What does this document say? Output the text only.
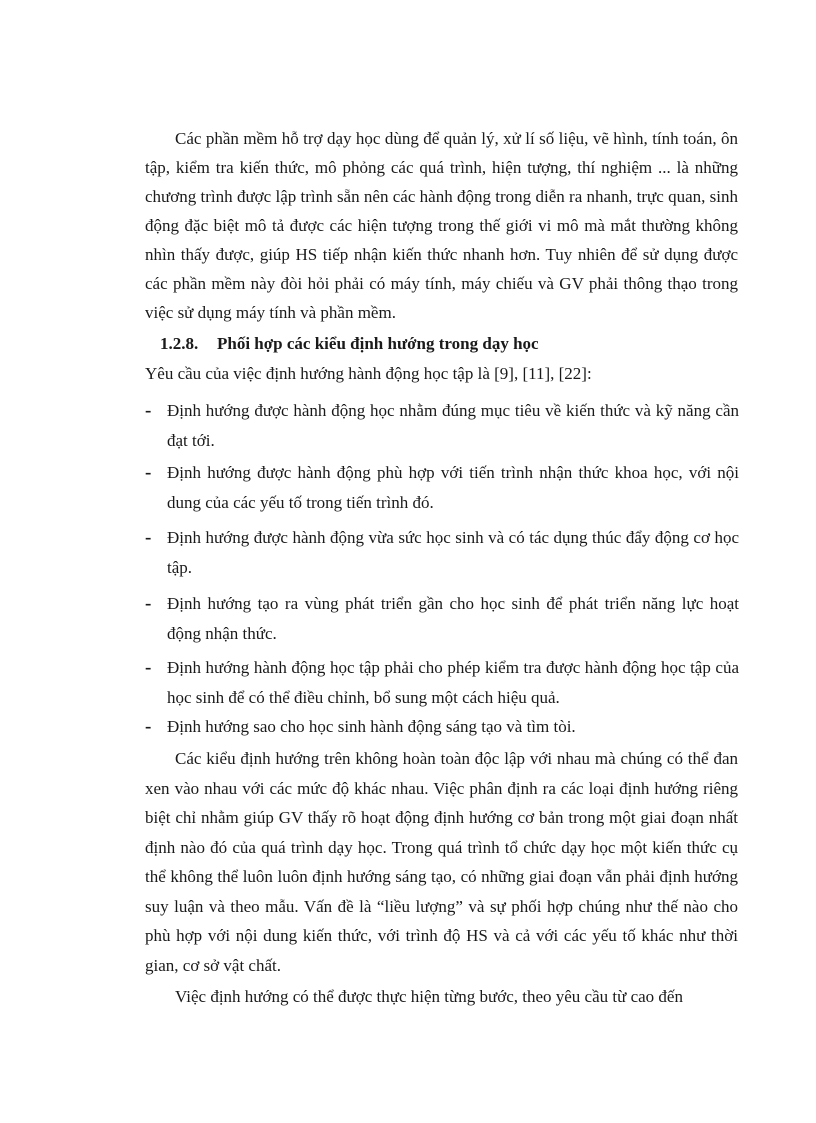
Các phần mềm hỗ trợ dạy học dùng để quản lý, xử lí số liệu, vẽ hình, tính toán, ôn tập, kiểm tra kiến thức, mô phỏng các quá trình, hiện tượng, thí nghiệm ... là những chương trình được lập trình sẵn nên các hành động trong diễn ra nhanh, trực quan, sinh động đặc biệt mô tả được các hiện tượng trong thế giới vi mô mà mắt thường không nhìn thấy được, giúp HS tiếp nhận kiến thức nhanh hơn. Tuy nhiên để sử dụng được các phần mềm này đòi hỏi phải có máy tính, máy chiếu và GV phải thông thạo trong việc sử dụng máy tính và phần mềm.

1.2.8. Phối hợp các kiểu định hướng trong dạy học

Yêu cầu của việc định hướng hành động học tập là [9], [11], [22]:

- Định hướng được hành động học nhằm đúng mục tiêu về kiến thức và kỹ năng cần đạt tới.
- Định hướng được hành động phù hợp với tiến trình nhận thức khoa học, với nội dung của các yếu tố trong tiến trình đó.
- Định hướng được hành động vừa sức học sinh và có tác dụng thúc đẩy động cơ học tập.
- Định hướng tạo ra vùng phát triển gần cho học sinh để phát triển năng lực hoạt động nhận thức.
- Định hướng hành động học tập phải cho phép kiểm tra được hành động học tập của học sinh để có thể điều chỉnh, bổ sung một cách hiệu quả.
- Định hướng sao cho học sinh hành động sáng tạo và tìm tòi.

Các kiểu định hướng trên không hoàn toàn độc lập với nhau mà chúng có thể đan xen vào nhau với các mức độ khác nhau. Việc phân định ra các loại định hướng riêng biệt chỉ nhằm giúp GV thấy rõ hoạt động định hướng cơ bản trong một giai đoạn nhất định nào đó của quá trình dạy học. Trong quá trình tổ chức dạy học một kiến thức cụ thể không thể luôn luôn định hướng sáng tạo, có những giai đoạn vẫn phải định hướng suy luận và theo mẫu. Vấn đề là “liều lượng” và sự phối hợp chúng như thế nào cho phù hợp với nội dung kiến thức, với trình độ HS và cả với các yếu tố khác như thời gian, cơ sở vật chất.

Việc định hướng có thể được thực hiện từng bước, theo yêu cầu từ cao đến
